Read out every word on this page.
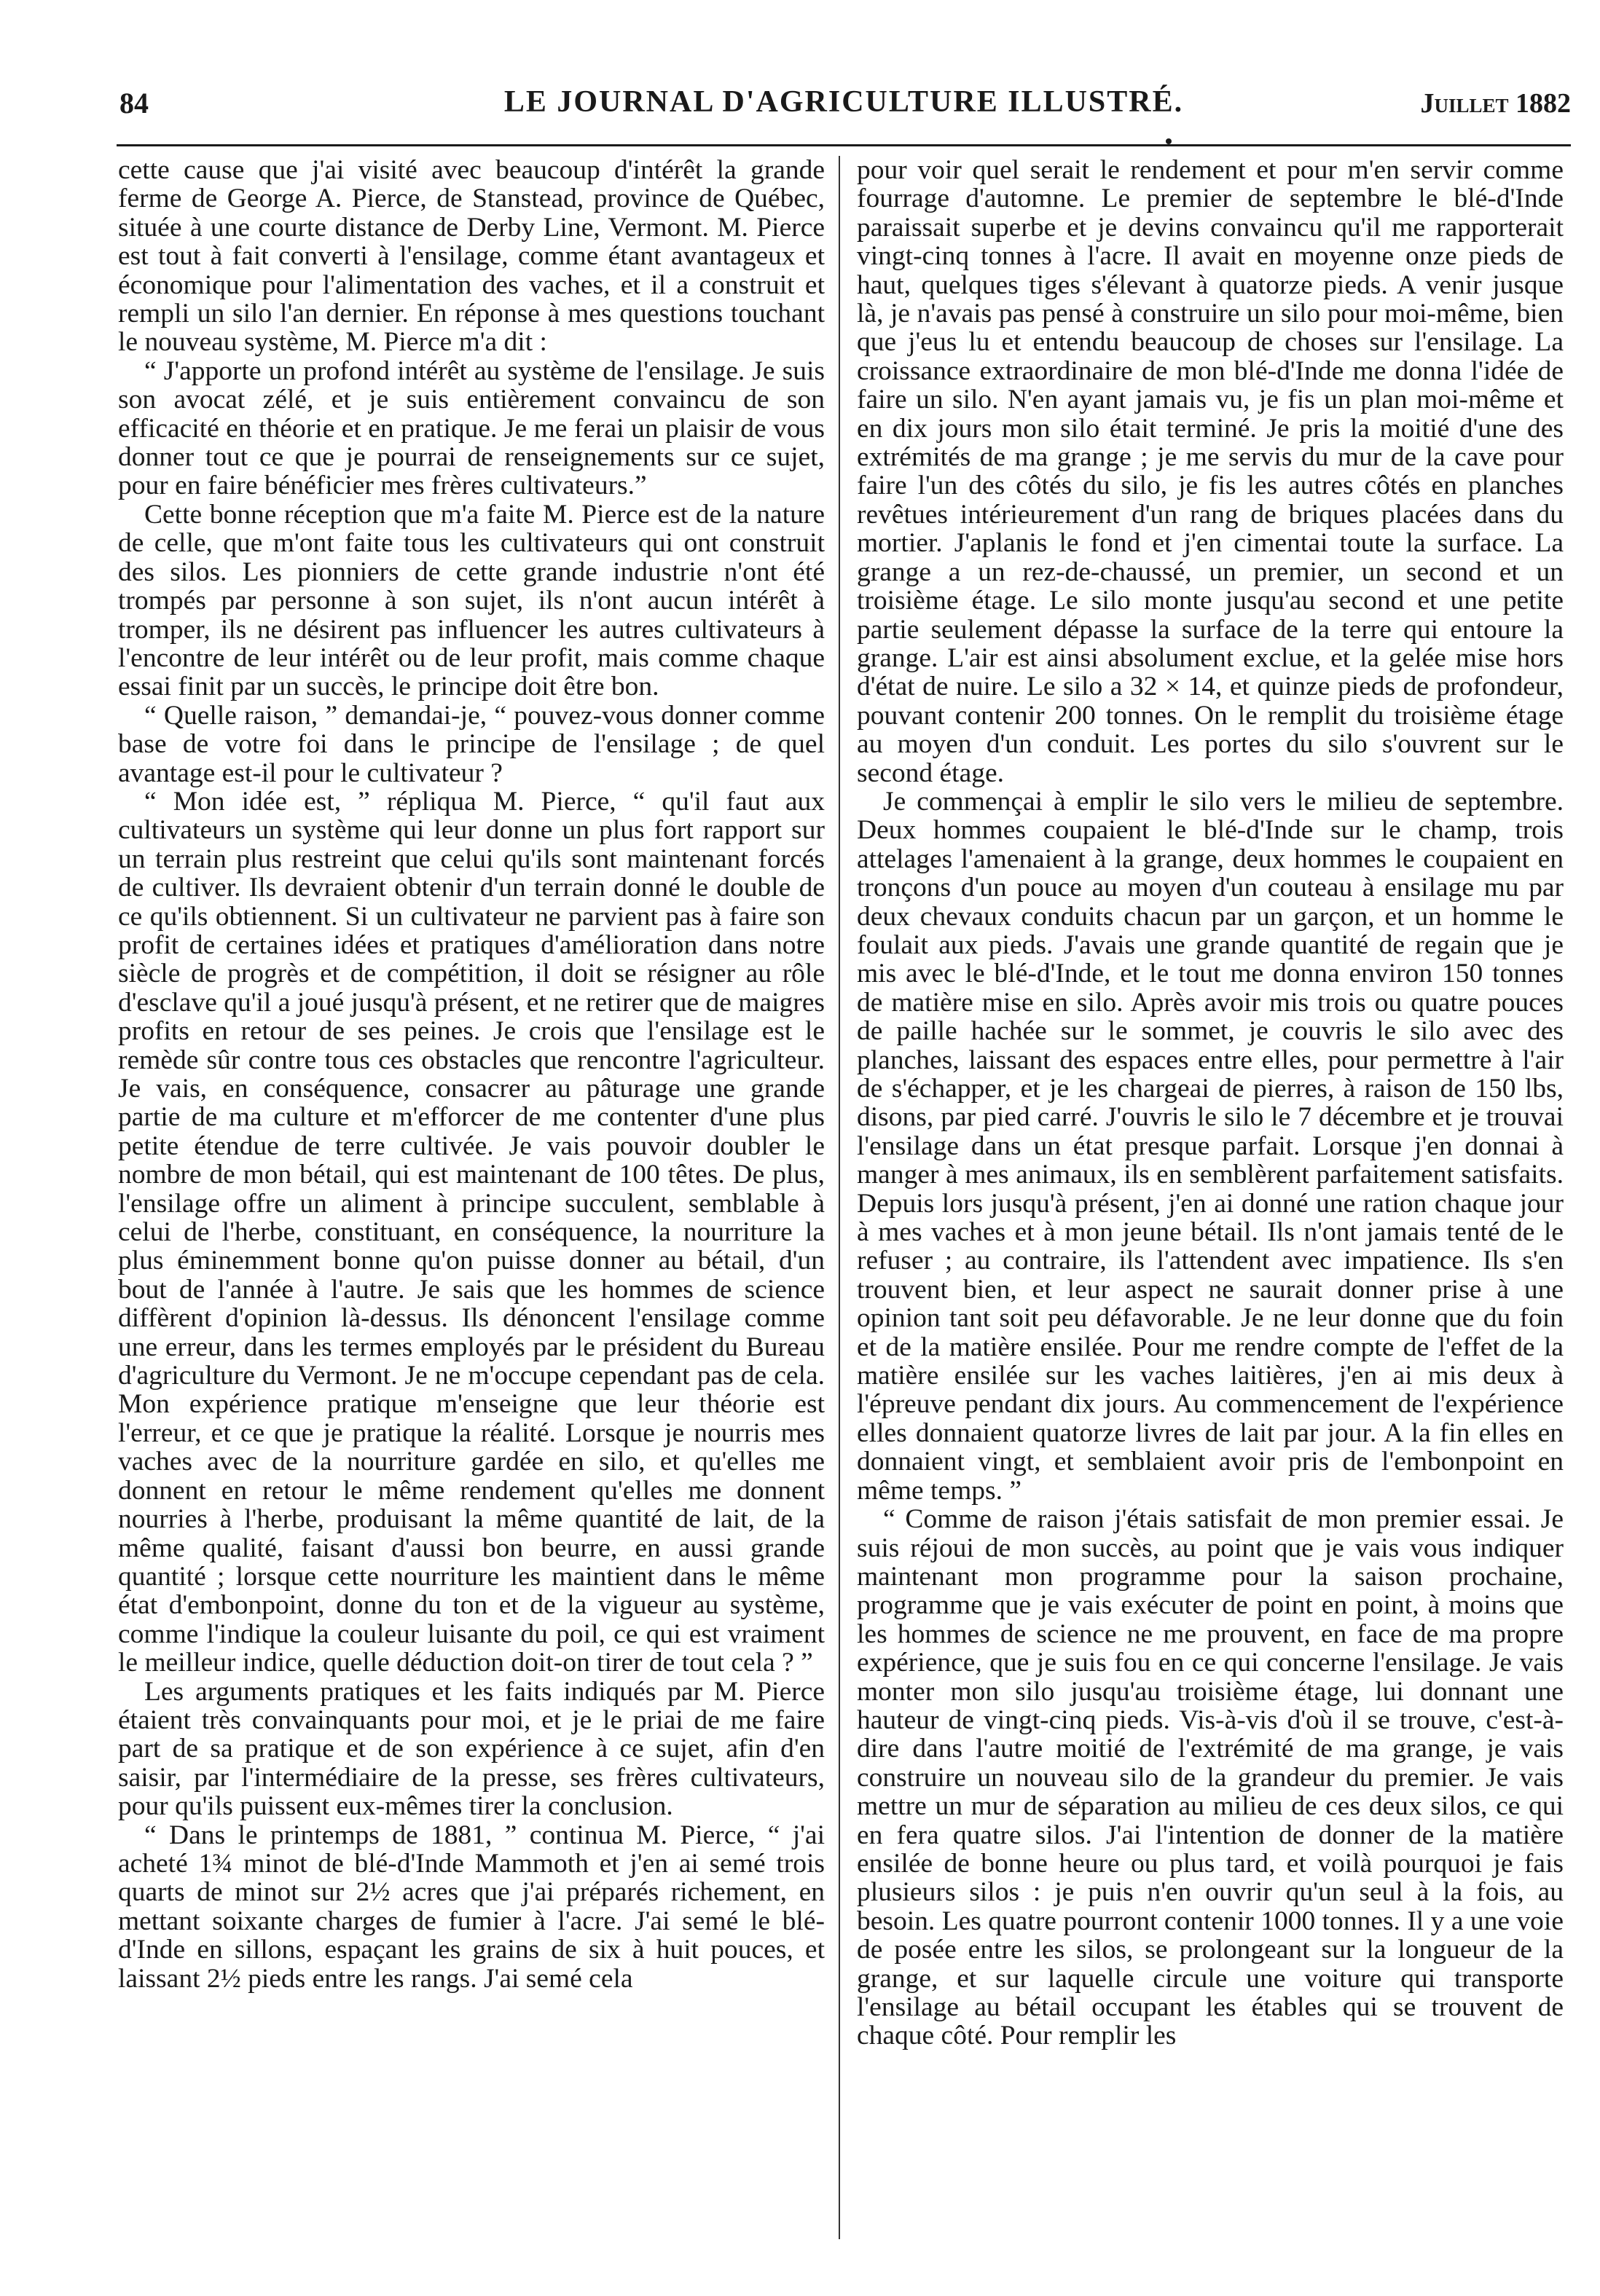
84	LE JOURNAL D'AGRICULTURE ILLUSTRÉ.	Juillet 1882

cette cause que j'ai visité avec beaucoup d'intérêt la grande ferme de George A. Pierce, de Stanstead, province de Québec, située à une courte distance de Derby Line, Vermont. M. Pierce est tout à fait converti à l'ensilage, comme étant avantageux et économique pour l'alimentation des vaches, et il a construit et rempli un silo l'an dernier. En réponse à mes questions touchant le nouveau système, M. Pierce m'a dit :

“ J'apporte un profond intérêt au système de l'ensilage. Je suis son avocat zélé, et je suis entièrement convaincu de son efficacité en théorie et en pratique. Je me ferai un plaisir de vous donner tout ce que je pourrai de renseignements sur ce sujet, pour en faire bénéficier mes frères cultivateurs.”

Cette bonne réception que m'a faite M. Pierce est de la nature de celle, que m'ont faite tous les cultivateurs qui ont construit des silos. Les pionniers de cette grande industrie n'ont été trompés par personne à son sujet, ils n'ont aucun intérêt à tromper, ils ne désirent pas influencer les autres cultivateurs à l'encontre de leur intérêt ou de leur profit, mais comme chaque essai finit par un succès, le principe doit être bon.

“ Quelle raison, ” demandai-je, “ pouvez-vous donner comme base de votre foi dans le principe de l'ensilage ; de quel avantage est-il pour le cultivateur ?

“ Mon idée est, ” répliqua M. Pierce, “ qu'il faut aux cultivateurs un système qui leur donne un plus fort rapport sur un terrain plus restreint que celui qu'ils sont maintenant forcés de cultiver. Ils devraient obtenir d'un terrain donné le double de ce qu'ils obtiennent. Si un cultivateur ne parvient pas à faire son profit de certaines idées et pratiques d'amélioration dans notre siècle de progrès et de compétition, il doit se résigner au rôle d'esclave qu'il a joué jusqu'à présent, et ne retirer que de maigres profits en retour de ses peines. Je crois que l'ensilage est le remède sûr contre tous ces obstacles que rencontre l'agriculteur. Je vais, en conséquence, consacrer au pâturage une grande partie de ma culture et m'efforcer de me contenter d'une plus petite étendue de terre cultivée. Je vais pouvoir doubler le nombre de mon bétail, qui est maintenant de 100 têtes. De plus, l'ensilage offre un aliment à principe succulent, semblable à celui de l'herbe, constituant, en conséquence, la nourriture la plus éminemment bonne qu'on puisse donner au bétail, d'un bout de l'année à l'autre. Je sais que les hommes de science diffèrent d'opinion là-dessus. Ils dénoncent l'ensilage comme une erreur, dans les termes employés par le président du Bureau d'agriculture du Vermont. Je ne m'occupe cependant pas de cela. Mon expérience pratique m'enseigne que leur théorie est l'erreur, et ce que je pratique la réalité. Lorsque je nourris mes vaches avec de la nourriture gardée en silo, et qu'elles me donnent en retour le même rendement qu'elles me donnent nourries à l'herbe, produisant la même quantité de lait, de la même qualité, faisant d'aussi bon beurre, en aussi grande quantité ; lorsque cette nourriture les maintient dans le même état d'embonpoint, donne du ton et de la vigueur au système, comme l'indique la couleur luisante du poil, ce qui est vraiment le meilleur indice, quelle déduction doit-on tirer de tout cela ? ”

Les arguments pratiques et les faits indiqués par M. Pierce étaient très convainquants pour moi, et je le priai de me faire part de sa pratique et de son expérience à ce sujet, afin d'en saisir, par l'intermédiaire de la presse, ses frères cultivateurs, pour qu'ils puissent eux-mêmes tirer la conclusion.

“ Dans le printemps de 1881, ” continua M. Pierce, “ j'ai acheté 1¾ minot de blé-d'Inde Mammoth et j'en ai semé trois quarts de minot sur 2½ acres que j'ai préparés richement, en mettant soixante charges de fumier à l'acre. J'ai semé le blé-d'Inde en sillons, espaçant les grains de six à huit pouces, et laissant 2½ pieds entre les rangs. J'ai semé cela

pour voir quel serait le rendement et pour m'en servir comme fourrage d'automne. Le premier de septembre le blé-d'Inde paraissait superbe et je devins convaincu qu'il me rapporterait vingt-cinq tonnes à l'acre. Il avait en moyenne onze pieds de haut, quelques tiges s'élevant à quatorze pieds. A venir jusque là, je n'avais pas pensé à construire un silo pour moi-même, bien que j'eus lu et entendu beaucoup de choses sur l'ensilage. La croissance extraordinaire de mon blé-d'Inde me donna l'idée de faire un silo. N'en ayant jamais vu, je fis un plan moi-même et en dix jours mon silo était terminé. Je pris la moitié d'une des extrémités de ma grange ; je me servis du mur de la cave pour faire l'un des côtés du silo, je fis les autres côtés en planches revêtues intérieurement d'un rang de briques placées dans du mortier. J'aplanis le fond et j'en cimentai toute la surface. La grange a un rez-de-chaussé, un premier, un second et un troisième étage. Le silo monte jusqu'au second et une petite partie seulement dépasse la surface de la terre qui entoure la grange. L'air est ainsi absolument exclue, et la gelée mise hors d'état de nuire. Le silo a 32 × 14, et quinze pieds de profondeur, pouvant contenir 200 tonnes. On le remplit du troisième étage au moyen d'un conduit. Les portes du silo s'ouvrent sur le second étage.

Je commençai à emplir le silo vers le milieu de septembre. Deux hommes coupaient le blé-d'Inde sur le champ, trois attelages l'amenaient à la grange, deux hommes le coupaient en tronçons d'un pouce au moyen d'un couteau à ensilage mu par deux chevaux conduits chacun par un garçon, et un homme le foulait aux pieds. J'avais une grande quantité de regain que je mis avec le blé-d'Inde, et le tout me donna environ 150 tonnes de matière mise en silo. Après avoir mis trois ou quatre pouces de paille hachée sur le sommet, je couvris le silo avec des planches, laissant des espaces entre elles, pour permettre à l'air de s'échapper, et je les chargeai de pierres, à raison de 150 lbs, disons, par pied carré. J'ouvris le silo le 7 décembre et je trouvai l'ensilage dans un état presque parfait. Lorsque j'en donnai à manger à mes animaux, ils en semblèrent parfaitement satisfaits. Depuis lors jusqu'à présent, j'en ai donné une ration chaque jour à mes vaches et à mon jeune bétail. Ils n'ont jamais tenté de le refuser ; au contraire, ils l'attendent avec impatience. Ils s'en trouvent bien, et leur aspect ne saurait donner prise à une opinion tant soit peu défavorable. Je ne leur donne que du foin et de la matière ensilée. Pour me rendre compte de l'effet de la matière ensilée sur les vaches laitières, j'en ai mis deux à l'épreuve pendant dix jours. Au commencement de l'expérience elles donnaient quatorze livres de lait par jour. A la fin elles en donnaient vingt, et semblaient avoir pris de l'embonpoint en même temps. ”

“ Comme de raison j'étais satisfait de mon premier essai. Je suis réjoui de mon succès, au point que je vais vous indiquer maintenant mon programme pour la saison prochaine, programme que je vais exécuter de point en point, à moins que les hommes de science ne me prouvent, en face de ma propre expérience, que je suis fou en ce qui concerne l'ensilage. Je vais monter mon silo jusqu'au troisième étage, lui donnant une hauteur de vingt-cinq pieds. Vis-à-vis d'où il se trouve, c'est-à-dire dans l'autre moitié de l'extrémité de ma grange, je vais construire un nouveau silo de la grandeur du premier. Je vais mettre un mur de séparation au milieu de ces deux silos, ce qui en fera quatre silos. J'ai l'intention de donner de la matière ensilée de bonne heure ou plus tard, et voilà pourquoi je fais plusieurs silos : je puis n'en ouvrir qu'un seul à la fois, au besoin. Les quatre pourront contenir 1000 tonnes. Il y a une voie de posée entre les silos, se prolongeant sur la longueur de la grange, et sur laquelle circule une voiture qui transporte l'ensilage au bétail occupant les étables qui se trouvent de chaque côté. Pour remplir les
